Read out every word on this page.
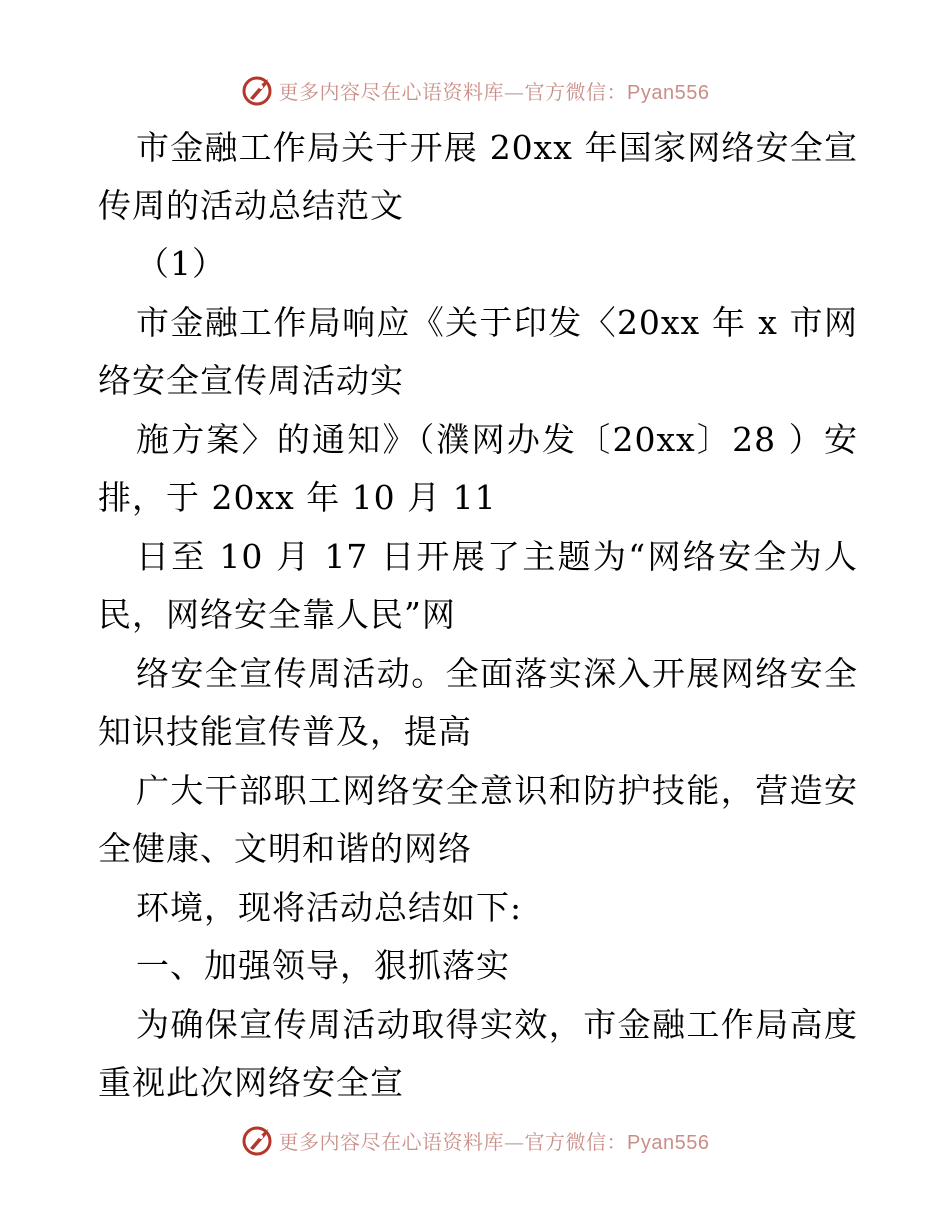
更多内容尽在心语资料库—官方微信：Pyan556
市金融工作局关于开展 20xx 年国家网络安全宣
传周的活动总结范文
（1）
市金融工作局响应《关于印发〈20xx 年 x 市网
络安全宣传周活动实
施方案〉的通知》（濮网办发〔20xx〕28 ）安
排，于 20xx 年 10 月 11
日至 10 月 17 日开展了主题为“网络安全为人
民，网络安全靠人民”网
络安全宣传周活动。全面落实深入开展网络安全
知识技能宣传普及，提高
广大干部职工网络安全意识和防护技能，营造安
全健康、文明和谐的网络
环境，现将活动总结如下:
一、加强领导，狠抓落实
为确保宣传周活动取得实效，市金融工作局高度
重视此次网络安全宣
更多内容尽在心语资料库—官方微信：Pyan556
